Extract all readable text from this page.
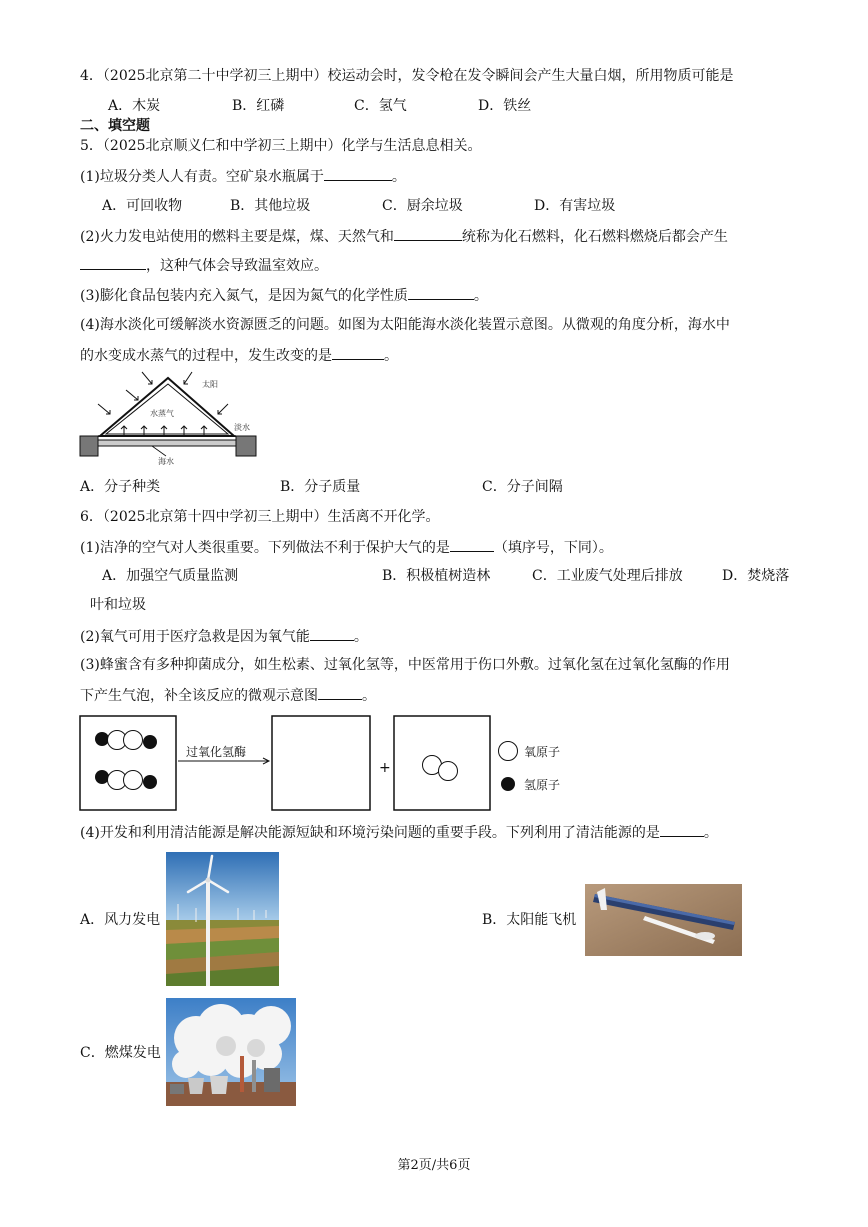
4．（2025北京第二十中学初三上期中）校运动会时，发令枪在发令瞬间会产生大量白烟，所用物质可能是
A．木炭	B．红磷	C．氢气	D．铁丝
二、填空题
5．（2025北京顺义仁和中学初三上期中）化学与生活息息相关。
(1)垃圾分类人人有责。空矿泉水瓶属于	。
A．可回收物	B．其他垃圾	C．厨余垃圾	D．有害垃圾
(2)火力发电站使用的燃料主要是煤，煤、天然气和	统称为化石燃料，化石燃料燃烧后都会产生
，这种气体会导致温室效应。
(3)膨化食品包装内充入氮气，是因为氮气的化学性质	。
(4)海水淡化可缓解淡水资源匮乏的问题。如图为太阳能海水淡化装置示意图。从微观的角度分析，海水中
的水变成水蒸气的过程中，发生改变的是	。
太阳
水蒸气
淡水
海水
A．分子种类	B．分子质量	C．分子间隔
6．（2025北京第十四中学初三上期中）生活离不开化学。
(1)洁净的空气对人类很重要。下列做法不利于保护大气的是	（填序号，下同）。
A．加强空气质量监测	B．积极植树造林	C．工业废气处理后排放	D．焚烧落
叶和垃圾
(2)氧气可用于医疗急救是因为氧气能	。
(3)蜂蜜含有多种抑菌成分，如生松素、过氧化氢等，中医常用于伤口外敷。过氧化氢在过氧化氢酶的作用
下产生气泡，补全该反应的微观示意图	。
过氧化氢酶
+
氧原子
氢原子
(4)开发和利用清洁能源是解决能源短缺和环境污染问题的重要手段。下列利用了清洁能源的是	。
A．风力发电	B．太阳能飞机
C．燃煤发电
第2页/共6页
